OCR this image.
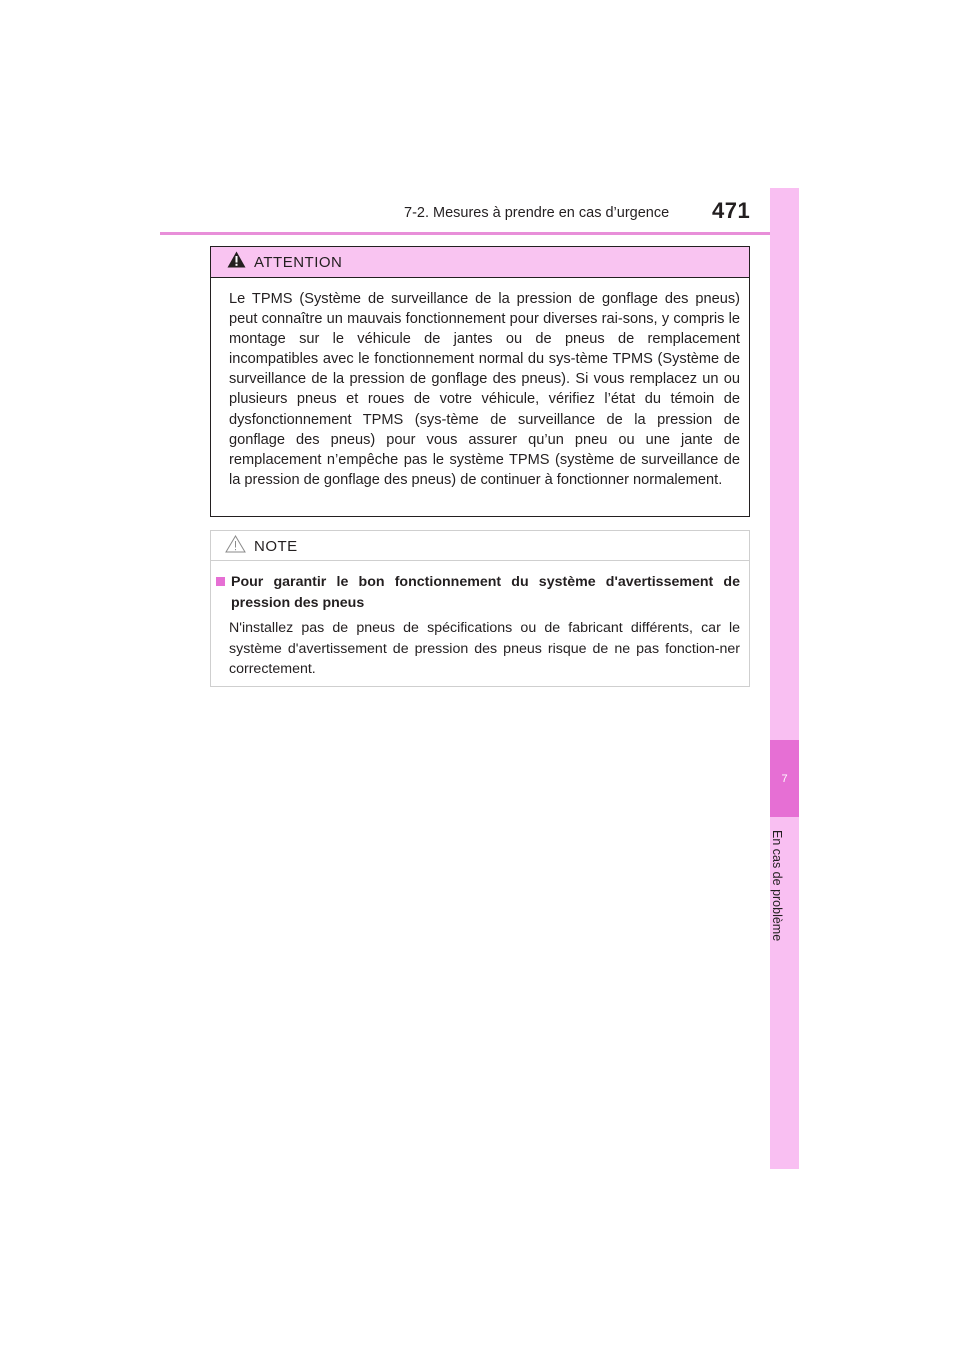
7-2. Mesures à prendre en cas d’urgence 471
7
En cas de problème
ATTENTION
Le TPMS (Système de surveillance de la pression de gonflage des pneus) peut connaître un mauvais fonctionnement pour diverses rai-sons, y compris le montage sur le véhicule de jantes ou de pneus de remplacement incompatibles avec le fonctionnement normal du sys-tème TPMS (Système de surveillance de la pression de gonflage des pneus). Si vous remplacez un ou plusieurs pneus et roues de votre véhicule, vérifiez l’état du témoin de dysfonctionnement TPMS (sys-tème de surveillance de la pression de gonflage des pneus) pour vous assurer qu’un pneu ou une jante de remplacement n’empêche pas le système TPMS (système de surveillance de la pression de gonflage des pneus) de continuer à fonctionner normalement.
NOTE
Pour garantir le bon fonctionnement du système d'avertissement de pression des pneus
N'installez pas de pneus de spécifications ou de fabricant différents, car le système d'avertissement de pression des pneus risque de ne pas fonction-ner correctement.
